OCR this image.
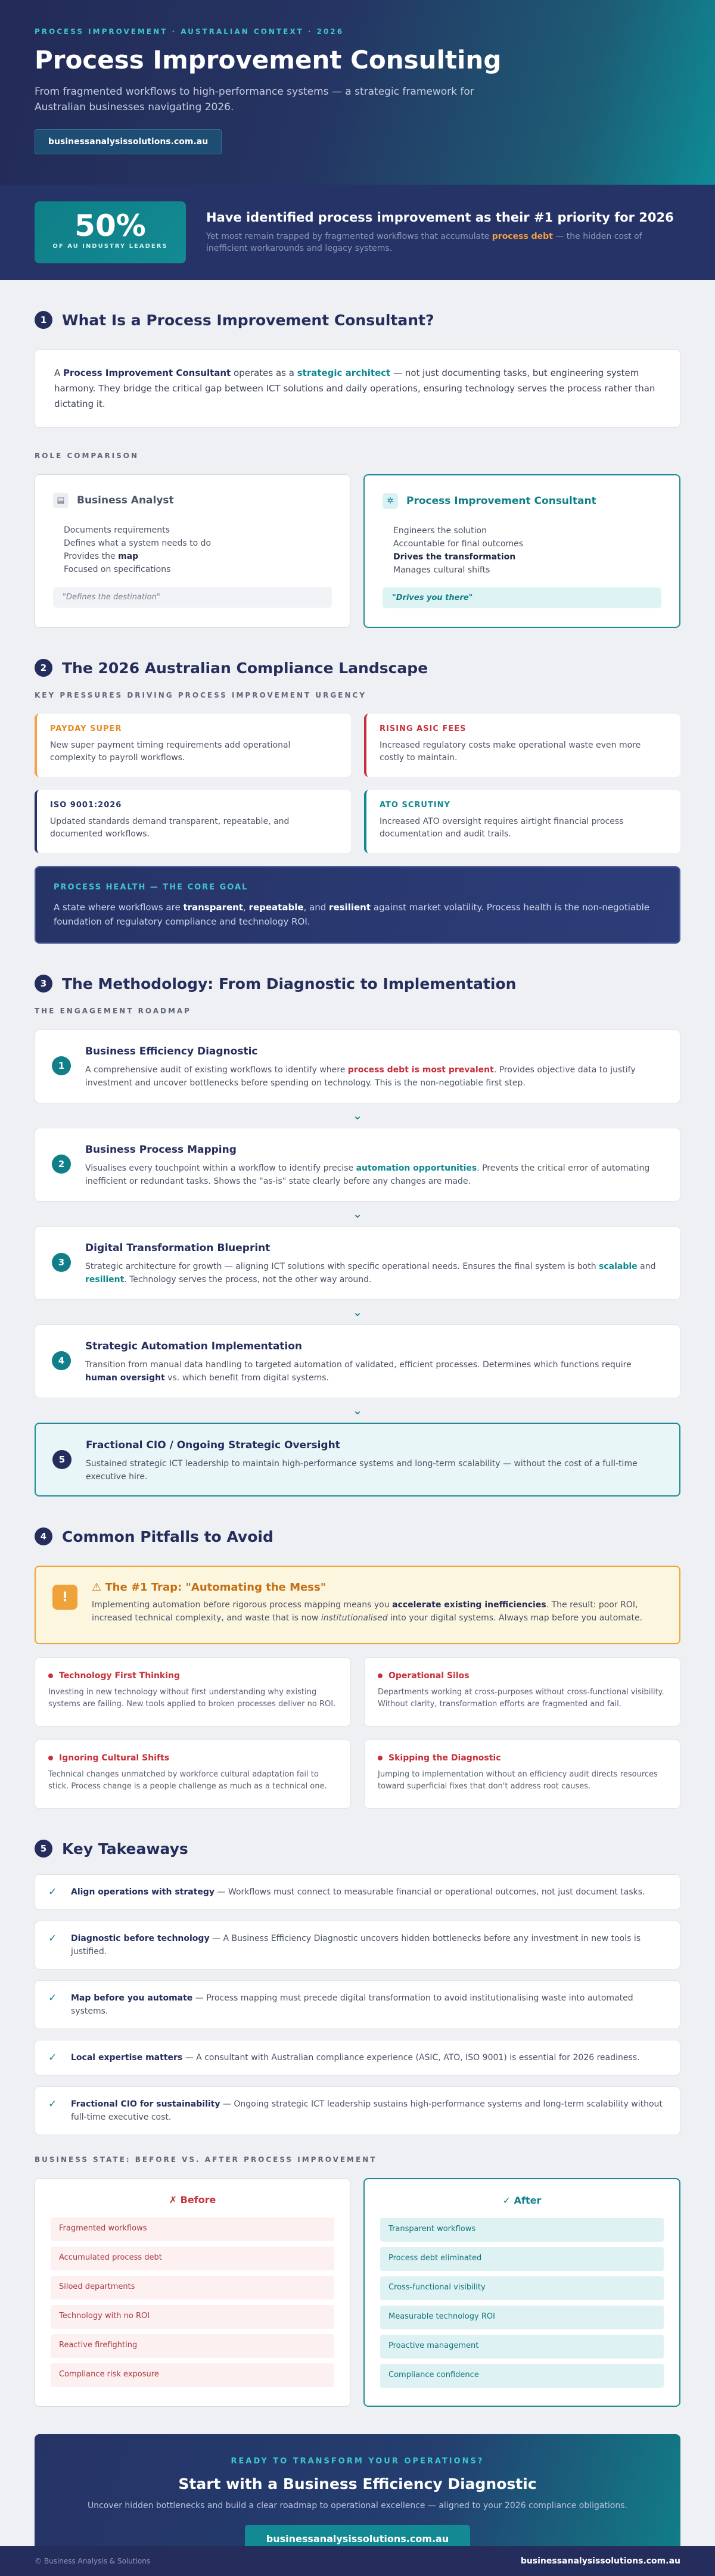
PROCESS IMPROVEMENT · AUSTRALIAN CONTEXT · 2026
Process Improvement Consulting

From fragmented workflows to high-performance systems — a strategic framework for Australian businesses navigating 2026.

businessanalysissolutions.com.au
50%
OF AU INDUSTRY LEADERS
Have identified process improvement as their #1 priority for 2026

Yet most remain trapped by fragmented workflows that accumulate process debt — the hidden cost of inefficient workarounds and legacy systems.

1	What Is a Process Improvement Consultant?
A Process Improvement Consultant operates as a strategic architect — not just documenting tasks, but engineering system harmony. They bridge the critical gap between ICT solutions and daily operations, ensuring technology serves the process rather than dictating it.
ROLE COMPARISON
▤	Business Analyst
Documents requirements
Defines what a system needs to do
Provides the map
Focused on specifications
"Defines the destination"
✲	Process Improvement Consultant
Engineers the solution
Accountable for final outcomes
Drives the transformation
Manages cultural shifts
"Drives you there"
2	The 2026 Australian Compliance Landscape
KEY PRESSURES DRIVING PROCESS IMPROVEMENT URGENCY
PAYDAY SUPER

New super payment timing requirements add operational complexity to payroll workflows.

RISING ASIC FEES

Increased regulatory costs make operational waste even more costly to maintain.

ISO 9001:2026

Updated standards demand transparent, repeatable, and documented workflows.

ATO SCRUTINY

Increased ATO oversight requires airtight financial process documentation and audit trails.

PROCESS HEALTH — THE CORE GOAL

A state where workflows are transparent, repeatable, and resilient against market volatility. Process health is the non-negotiable foundation of regulatory compliance and technology ROI.

3	The Methodology: From Diagnostic to Implementation
THE ENGAGEMENT ROADMAP
1
Business Efficiency Diagnostic

A comprehensive audit of existing workflows to identify where process debt is most prevalent. Provides objective data to justify investment and uncover bottlenecks before spending on technology. This is the non-negotiable first step.

⌄
2
Business Process Mapping

Visualises every touchpoint within a workflow to identify precise automation opportunities. Prevents the critical error of automating inefficient or redundant tasks. Shows the "as-is" state clearly before any changes are made.

⌄
3
Digital Transformation Blueprint

Strategic architecture for growth — aligning ICT solutions with specific operational needs. Ensures the final system is both scalable and resilient. Technology serves the process, not the other way around.

⌄
4
Strategic Automation Implementation

Transition from manual data handling to targeted automation of validated, efficient processes. Determines which functions require human oversight vs. which benefit from digital systems.

⌄
5
Fractional CIO / Ongoing Strategic Oversight

Sustained strategic ICT leadership to maintain high-performance systems and long-term scalability — without the cost of a full-time executive hire.

4	Common Pitfalls to Avoid
!
⚠ The #1 Trap: "Automating the Mess"

Implementing automation before rigorous process mapping means you accelerate existing inefficiencies. The result: poor ROI, increased technical complexity, and waste that is now institutionalised into your digital systems. Always map before you automate.

Technology First Thinking

Investing in new technology without first understanding why existing systems are failing. New tools applied to broken processes deliver no ROI.

Operational Silos

Departments working at cross-purposes without cross-functional visibility. Without clarity, transformation efforts are fragmented and fail.

Ignoring Cultural Shifts

Technical changes unmatched by workforce cultural adaptation fail to stick. Process change is a people challenge as much as a technical one.

Skipping the Diagnostic

Jumping to implementation without an efficiency audit directs resources toward superficial fixes that don't address root causes.

5	Key Takeaways
✓ Align operations with strategy — Workflows must connect to measurable financial or operational outcomes, not just document tasks.
✓ Diagnostic before technology — A Business Efficiency Diagnostic uncovers hidden bottlenecks before any investment in new tools is justified.
✓ Map before you automate — Process mapping must precede digital transformation to avoid institutionalising waste into automated systems.
✓ Local expertise matters — A consultant with Australian compliance experience (ASIC, ATO, ISO 9001) is essential for 2026 readiness.
✓ Fractional CIO for sustainability — Ongoing strategic ICT leadership sustains high-performance systems and long-term scalability without full-time executive cost.
BUSINESS STATE: BEFORE VS. AFTER PROCESS IMPROVEMENT
✗ Before
Fragmented workflows
Accumulated process debt
Siloed departments
Technology with no ROI
Reactive firefighting
Compliance risk exposure
✓ After
Transparent workflows
Process debt eliminated
Cross-functional visibility
Measurable technology ROI
Proactive management
Compliance confidence
READY TO TRANSFORM YOUR OPERATIONS?
Start with a Business Efficiency Diagnostic

Uncover hidden bottlenecks and build a clear roadmap to operational excellence — aligned to your 2026 compliance obligations.

businessanalysissolutions.com.au
© Business Analysis & Solutions	businessanalysissolutions.com.au
